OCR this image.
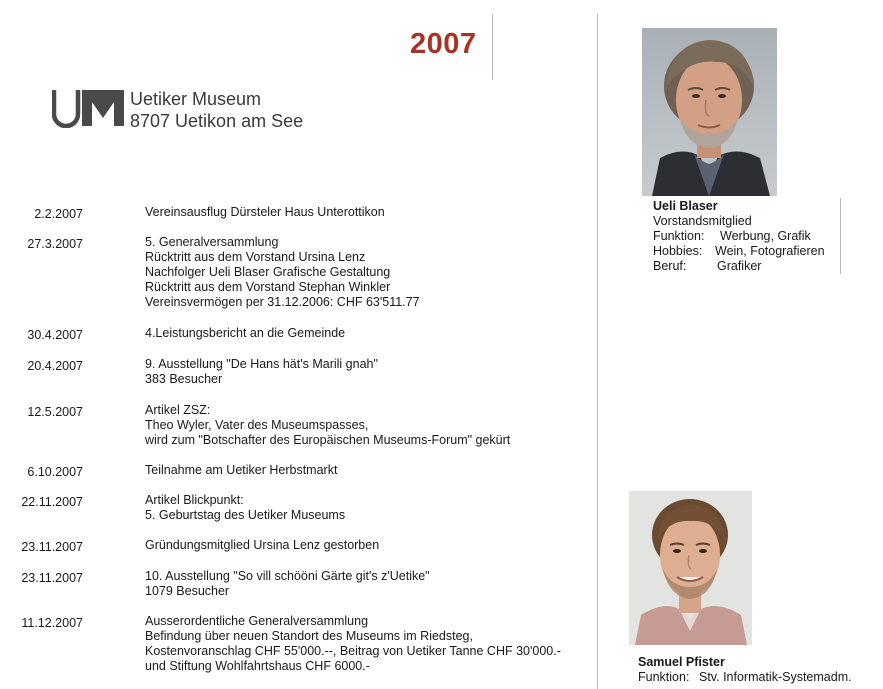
2007
Uetiker Museum
8707 Uetikon am See
2.2.2007	Vereinsausflug Dürsteler Haus Unterottikon
27.3.2007	5. Generalversammlung
Rücktritt aus dem Vorstand Ursina Lenz
Nachfolger Ueli Blaser Grafische Gestaltung
Rücktritt aus dem Vorstand Stephan Winkler
Vereinsvermögen per 31.12.2006: CHF 63'511.77
30.4.2007	4.Leistungsbericht an die Gemeinde
20.4.2007	9. Ausstellung "De Hans hät's Marili gnah"
383 Besucher
12.5.2007	Artikel ZSZ:
Theo Wyler, Vater des Museumspasses,
wird zum "Botschafter des Europäischen Museums-Forum" gekürt
6.10.2007	Teilnahme am Uetiker Herbstmarkt
22.11.2007	Artikel Blickpunkt:
5. Geburtstag des Uetiker Museums
23.11.2007	Gründungsmitglied Ursina Lenz gestorben
23.11.2007	10. Ausstellung "So vill schööni Gärte git's z'Uetike"
1079 Besucher
11.12.2007	Ausserordentliche Generalversammlung
Befindung über neuen Standort des Museums im Riedsteg,
Kostenvoranschlag CHF 55'000.--, Beitrag von Uetiker Tanne CHF 30'000.-
und Stiftung Wohlfahrtshaus CHF 6000.-
Ueli Blaser
Vorstandsmitglied
Funktion: Werbung, Grafik
Hobbies: Wein, Fotografieren
Beruf: Grafiker
Samuel Pfister
Funktion: Stv. Informatik-Systemadm.
